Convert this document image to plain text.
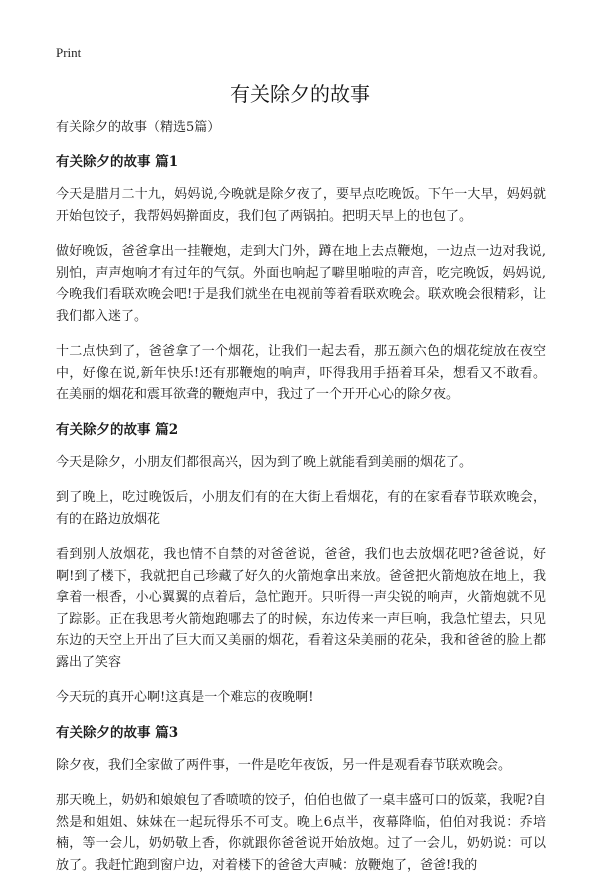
Print
有关除夕的故事

有关除夕的故事（精选5篇）

有关除夕的故事 篇1

今天是腊月二十九，妈妈说,今晚就是除夕夜了，要早点吃晚饭。下午一大早，妈妈就开始包饺子，我帮妈妈擀面皮，我们包了两锅拍。把明天早上的也包了。

做好晚饭，爸爸拿出一挂鞭炮，走到大门外，蹲在地上去点鞭炮，一边点一边对我说,别怕，声声炮响才有过年的气氛。外面也响起了噼里啪啦的声音，吃完晚饭，妈妈说,今晚我们看联欢晚会吧!于是我们就坐在电视前等着看联欢晚会。联欢晚会很精彩，让我们都入迷了。

十二点快到了，爸爸拿了一个烟花，让我们一起去看，那五颜六色的烟花绽放在夜空 中，好像在说,新年快乐!还有那鞭炮的响声，吓得我用手捂着耳朵，想看又不敢看。在美丽的烟花和震耳欲聋的鞭炮声中，我过了一个开开心心的除夕夜。

有关除夕的故事 篇2

今天是除夕，小朋友们都很高兴，因为到了晚上就能看到美丽的烟花了。

到了晚上，吃过晚饭后，小朋友们有的在大街上看烟花，有的在家看春节联欢晚会，有的在路边放烟花

看到别人放烟花，我也情不自禁的对爸爸说，爸爸，我们也去放烟花吧?爸爸说，好啊!到了楼下，我就把自己珍藏了好久的火箭炮拿出来放。爸爸把火箭炮放在地上，我拿着一根香，小心翼翼的点着后，急忙跑开。只听得一声尖锐的响声，火箭炮就不见了踪影。正在我思考火箭炮跑哪去了的时候，东边传来一声巨响，我急忙望去，只见东边的天空上开出了巨大而又美丽的烟花，看着这朵美丽的花朵，我和爸爸的脸上都露出了笑容

今天玩的真开心啊!这真是一个难忘的夜晚啊!

有关除夕的故事 篇3

除夕夜，我们全家做了两件事，一件是吃年夜饭，另一件是观看春节联欢晚会。

那天晚上，奶奶和娘娘包了香喷喷的饺子，伯伯也做了一桌丰盛可口的饭菜，我呢?自然是和姐姐、妹妹在一起玩得乐不可支。晚上6点半，夜幕降临，伯伯对我说：乔培楠，等一会儿，奶奶敬上香，你就跟你爸爸说开始放炮。过了一会儿，奶奶说：可以放了。我赶忙跑到窗户边，对着楼下的爸爸大声喊：放鞭炮了，爸爸!我的
